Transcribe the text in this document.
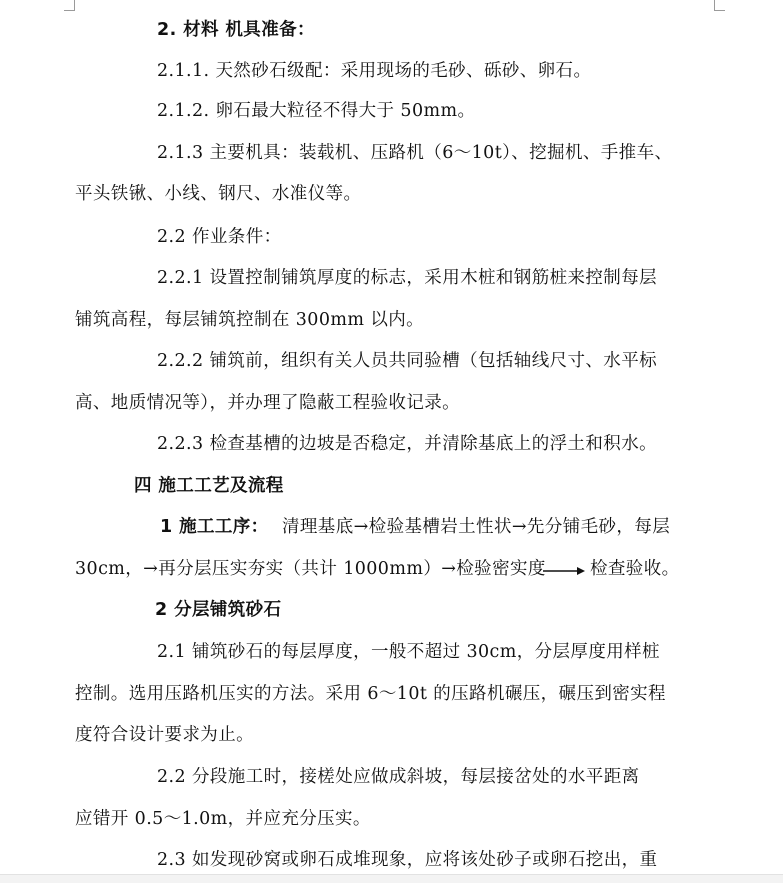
2. 材料 机具准备：
2.1.1. 天然砂石级配：采用现场的毛砂、砾砂、卵石。
2.1.2. 卵石最大粒径不得大于 50mm。
2.1.3 主要机具：装载机、压路机（6～10t）、挖掘机、手推车、
平头铁锹、小线、钢尺、水准仪等。
2.2 作业条件：
2.2.1 设置控制铺筑厚度的标志，采用木桩和钢筋桩来控制每层
铺筑高程，每层铺筑控制在 300mm 以内。
2.2.2 铺筑前，组织有关人员共同验槽（包括轴线尺寸、水平标
高、地质情况等），并办理了隐蔽工程验收记录。
2.2.3 检查基槽的边坡是否稳定，并清除基底上的浮土和积水。
四 施工工艺及流程
1 施工工序： 清理基底→检验基槽岩土性状→先分铺毛砂，每层
30cm，→再分层压实夯实（共计 1000mm）→检验密实度	检查验收。
2 分层铺筑砂石
2.1 铺筑砂石的每层厚度，一般不超过 30cm，分层厚度用样桩
控制。选用压路机压实的方法。采用 6～10t 的压路机碾压，碾压到密实程
度符合设计要求为止。
2.2 分段施工时，接槎处应做成斜坡，每层接岔处的水平距离
应错开 0.5～1.0m，并应充分压实。
2.3 如发现砂窝或卵石成堆现象，应将该处砂子或卵石挖出，重
